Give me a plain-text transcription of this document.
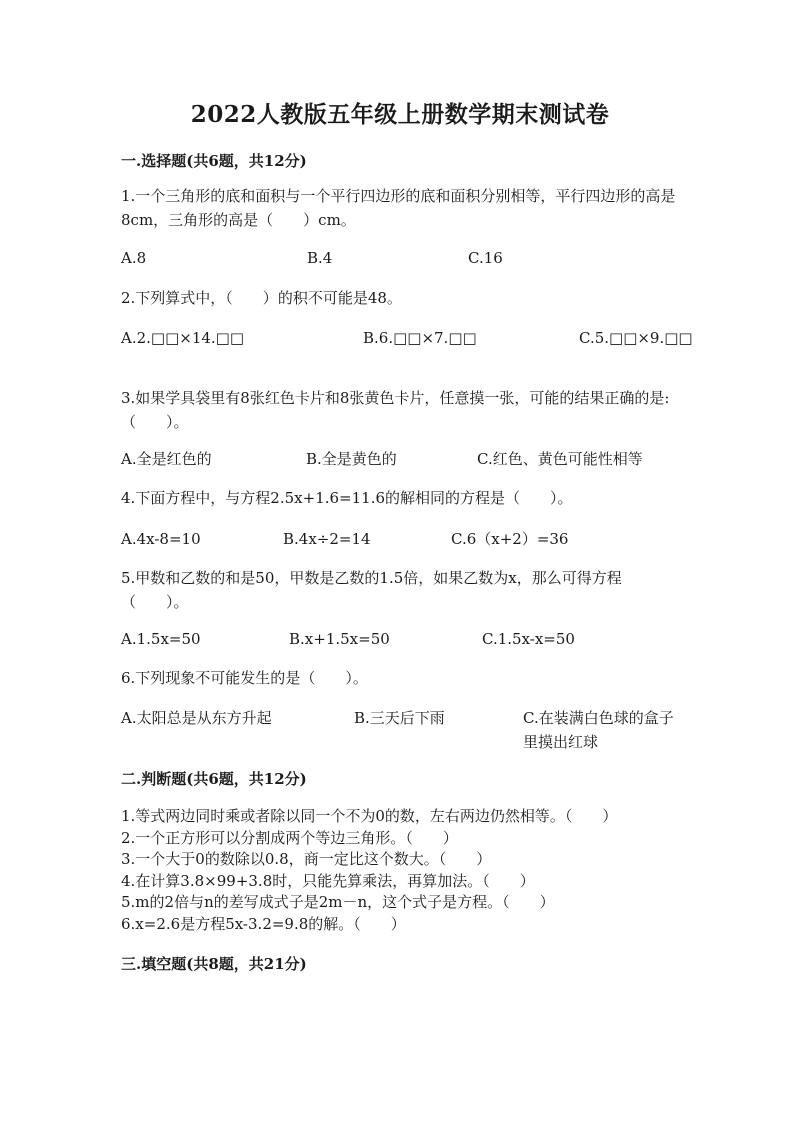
2022人教版五年级上册数学期末测试卷
一.选择题(共6题，共12分)
1.一个三角形的底和面积与一个平行四边形的底和面积分别相等，平行四边形的高是8cm，三角形的高是（　　）cm。
A.8	B.4	C.16
2.下列算式中，（　　）的积不可能是48。
A.2.□□×14.□□	B.6.□□×7.□□	C.5.□□×9.□□
3.如果学具袋里有8张红色卡片和8张黄色卡片，任意摸一张，可能的结果正确的是:（　　）。
A.全是红色的	B.全是黄色的	C.红色、黄色可能性相等
4.下面方程中，与方程2.5x+1.6=11.6的解相同的方程是（　　）。
A.4x-8=10	B.4x÷2=14	C.6（x+2）=36
5.甲数和乙数的和是50，甲数是乙数的1.5倍，如果乙数为x，那么可得方程（　　）。
A.1.5x=50	B.x+1.5x=50	C.1.5x-x=50
6.下列现象不可能发生的是（　　）。
A.太阳总是从东方升起	B.三天后下雨	C.在装满白色球的盒子里摸出红球
二.判断题(共6题，共12分)
1.等式两边同时乘或者除以同一个不为0的数，左右两边仍然相等。（　　）
2.一个正方形可以分割成两个等边三角形。（　　）
3.一个大于0的数除以0.8，商一定比这个数大。（　　）
4.在计算3.8×99+3.8时，只能先算乘法，再算加法。（　　）
5.m的2倍与n的差写成式子是2m－n，这个式子是方程。（　　）
6.x=2.6是方程5x-3.2=9.8的解。（　　）
三.填空题(共8题，共21分)
